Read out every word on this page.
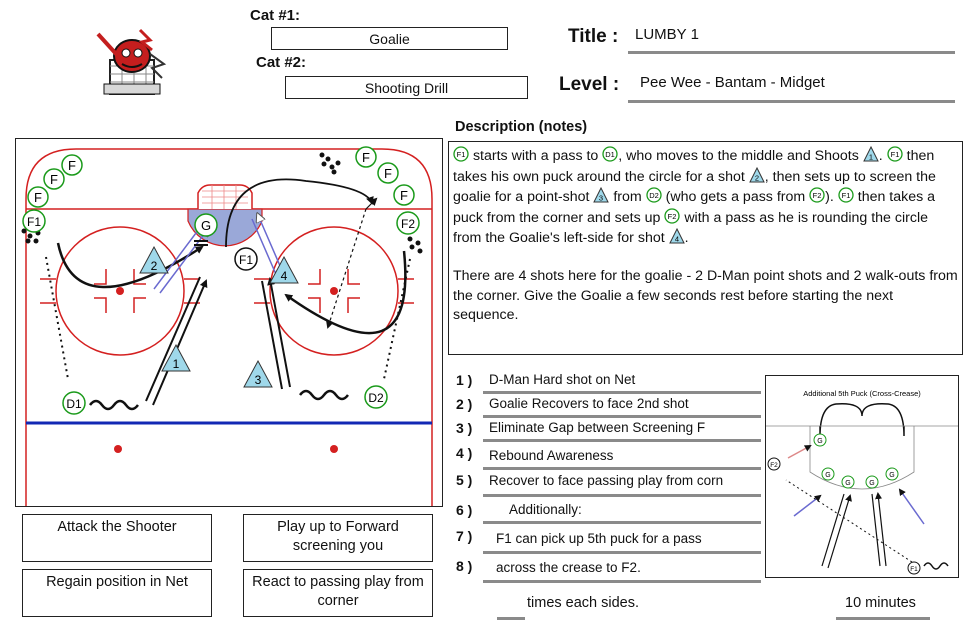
Cat #1:
Goalie
Cat #2:
Shooting Drill
Title : LUMBY 1
Level : Pee Wee - Bantam - Midget
Description (notes)

F1 starts with a pass to D1 , who moves to the middle and Shoots 1 . F1 then takes his own puck around the circle for a shot 2 , then sets up to screen the goalie for a point-shot 3 from D2 (who gets a pass from F2 ). F1 then takes a puck from the corner and sets up F2 with a pass as he is rounding the circle from the Goalie's left-side for shot 4 .

There are 4 shots here for the goalie - 2 D-Man point shots and 2 walk-outs from the corner. Give the Goalie a few seconds rest before starting the next sequence.

F
F
F
F1
F
F
F
F2
G
F1
D1	D2
2
1
4
3
Attack the Shooter	Play up to Forward screening you
Regain position in Net	React to passing play from corner
1 ) D-Man Hard shot on Net
2 ) Goalie Recovers to face 2nd shot
3 ) Eliminate Gap between Screening F
4 ) Rebound Awareness
5 ) Recover to face passing play from corn
6 )	Additionally:
7 ) F1 can pick up 5th puck for a pass
8 ) across the crease to F2.
times each sides.	10 minutes
Additional 5th Puck (Cross-Crease)
G
G
G	G
G
F2
F1
